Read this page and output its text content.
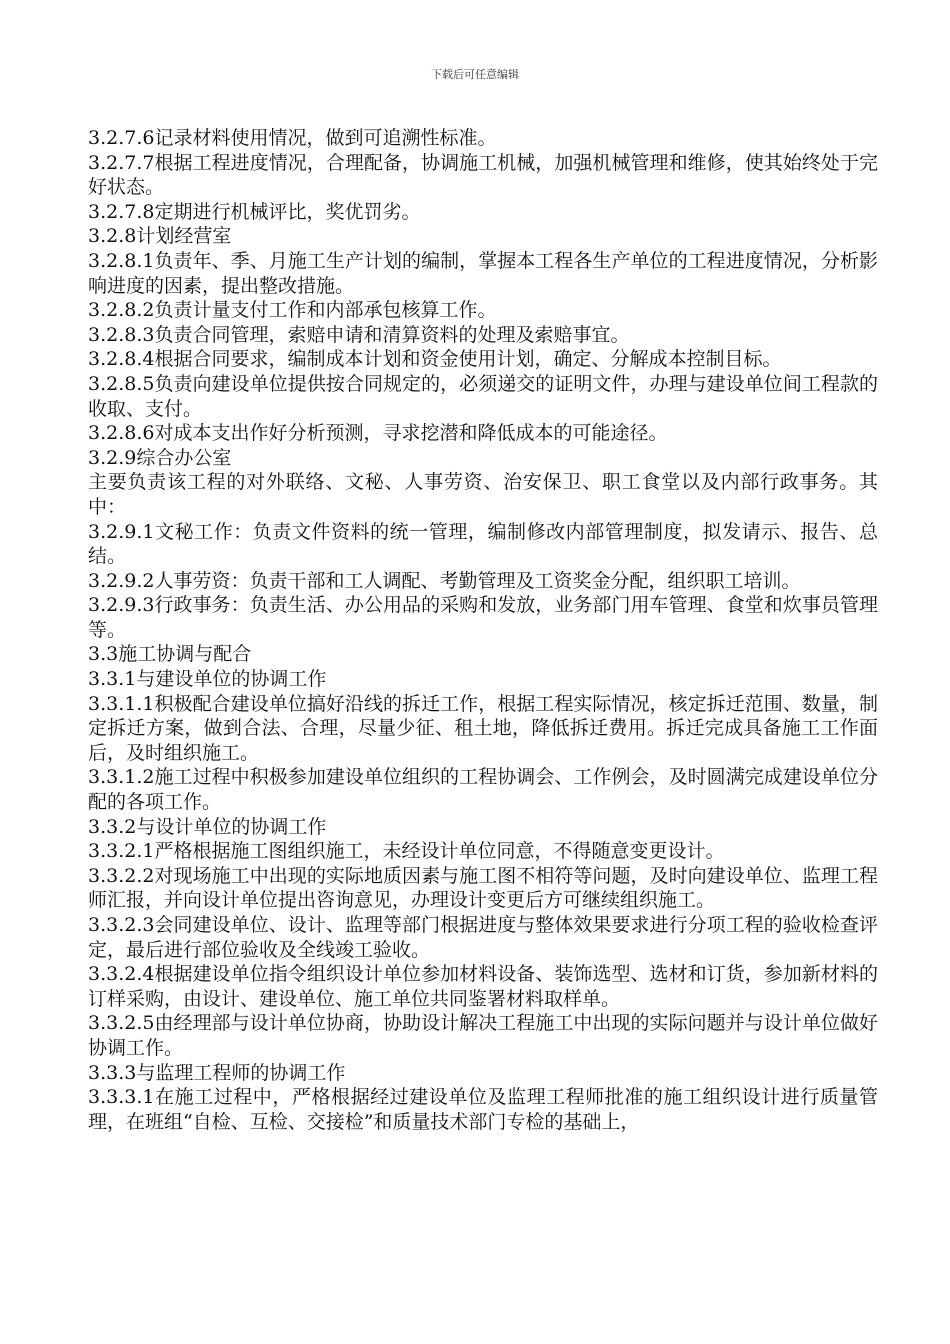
下载后可任意编辑

3.2.7.6记录材料使用情况，做到可追溯性标准。

3.2.7.7根据工程进度情况，合理配备，协调施工机械，加强机械管理和维修，使其始终处于完好状态。

3.2.7.8定期进行机械评比，奖优罚劣。

3.2.8计划经营室

3.2.8.1负责年、季、月施工生产计划的编制，掌握本工程各生产单位的工程进度情况，分析影响进度的因素，提出整改措施。

3.2.8.2负责计量支付工作和内部承包核算工作。

3.2.8.3负责合同管理，索赔申请和清算资料的处理及索赔事宜。

3.2.8.4根据合同要求，编制成本计划和资金使用计划，确定、分解成本控制目标。

3.2.8.5负责向建设单位提供按合同规定的，必须递交的证明文件，办理与建设单位间工程款的收取、支付。

3.2.8.6对成本支出作好分析预测，寻求挖潜和降低成本的可能途径。

3.2.9综合办公室

主要负责该工程的对外联络、文秘、人事劳资、治安保卫、职工食堂以及内部行政事务。其中：

3.2.9.1文秘工作：负责文件资料的统一管理，编制修改内部管理制度，拟发请示、报告、总结。

3.2.9.2人事劳资：负责干部和工人调配、考勤管理及工资奖金分配，组织职工培训。

3.2.9.3行政事务：负责生活、办公用品的采购和发放，业务部门用车管理、食堂和炊事员管理等。

3.3施工协调与配合

3.3.1与建设单位的协调工作

3.3.1.1积极配合建设单位搞好沿线的拆迁工作，根据工程实际情况，核定拆迁范围、数量，制定拆迁方案，做到合法、合理，尽量少征、租土地，降低拆迁费用。拆迁完成具备施工工作面后，及时组织施工。

3.3.1.2施工过程中积极参加建设单位组织的工程协调会、工作例会，及时圆满完成建设单位分配的各项工作。

3.3.2与设计单位的协调工作

3.3.2.1严格根据施工图组织施工，未经设计单位同意，不得随意变更设计。

3.3.2.2对现场施工中出现的实际地质因素与施工图不相符等问题，及时向建设单位、监理工程师汇报，并向设计单位提出咨询意见，办理设计变更后方可继续组织施工。

3.3.2.3会同建设单位、设计、监理等部门根据进度与整体效果要求进行分项工程的验收检查评定，最后进行部位验收及全线竣工验收。

3.3.2.4根据建设单位指令组织设计单位参加材料设备、装饰选型、选材和订货，参加新材料的订样采购，由设计、建设单位、施工单位共同鉴署材料取样单。

3.3.2.5由经理部与设计单位协商，协助设计解决工程施工中出现的实际问题并与设计单位做好协调工作。

3.3.3与监理工程师的协调工作

3.3.3.1在施工过程中，严格根据经过建设单位及监理工程师批准的施工组织设计进行质量管理，在班组“自检、互检、交接检”和质量技术部门专检的基础上，
